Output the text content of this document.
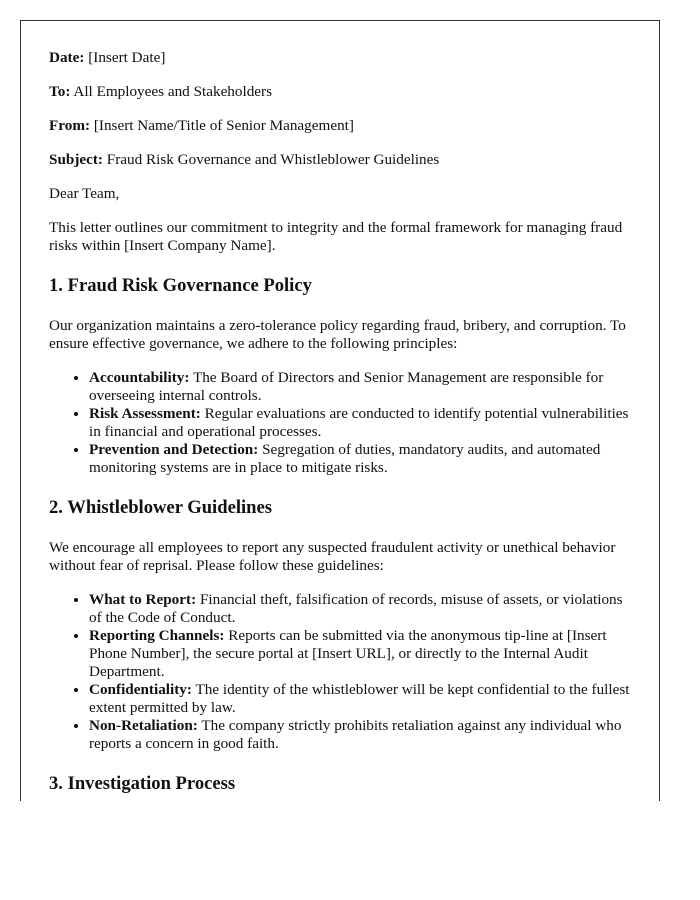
Date: [Insert Date]

To: All Employees and Stakeholders

From: [Insert Name/Title of Senior Management]

Subject: Fraud Risk Governance and Whistleblower Guidelines

Dear Team,

This letter outlines our commitment to integrity and the formal framework for managing fraud risks within [Insert Company Name].

1. Fraud Risk Governance Policy

Our organization maintains a zero-tolerance policy regarding fraud, bribery, and corruption. To ensure effective governance, we adhere to the following principles:

• Accountability: The Board of Directors and Senior Management are responsible for overseeing internal controls.
• Risk Assessment: Regular evaluations are conducted to identify potential vulnerabilities in financial and operational processes.
• Prevention and Detection: Segregation of duties, mandatory audits, and automated monitoring systems are in place to mitigate risks.
2. Whistleblower Guidelines

We encourage all employees to report any suspected fraudulent activity or unethical behavior without fear of reprisal. Please follow these guidelines:

• What to Report: Financial theft, falsification of records, misuse of assets, or violations of the Code of Conduct.
• Reporting Channels: Reports can be submitted via the anonymous tip-line at [Insert Phone Number], the secure portal at [Insert URL], or directly to the Internal Audit Department.
• Confidentiality: The identity of the whistleblower will be kept confidential to the fullest extent permitted by law.
• Non-Retaliation: The company strictly prohibits retaliation against any individual who reports a concern in good faith.
3. Investigation Process
